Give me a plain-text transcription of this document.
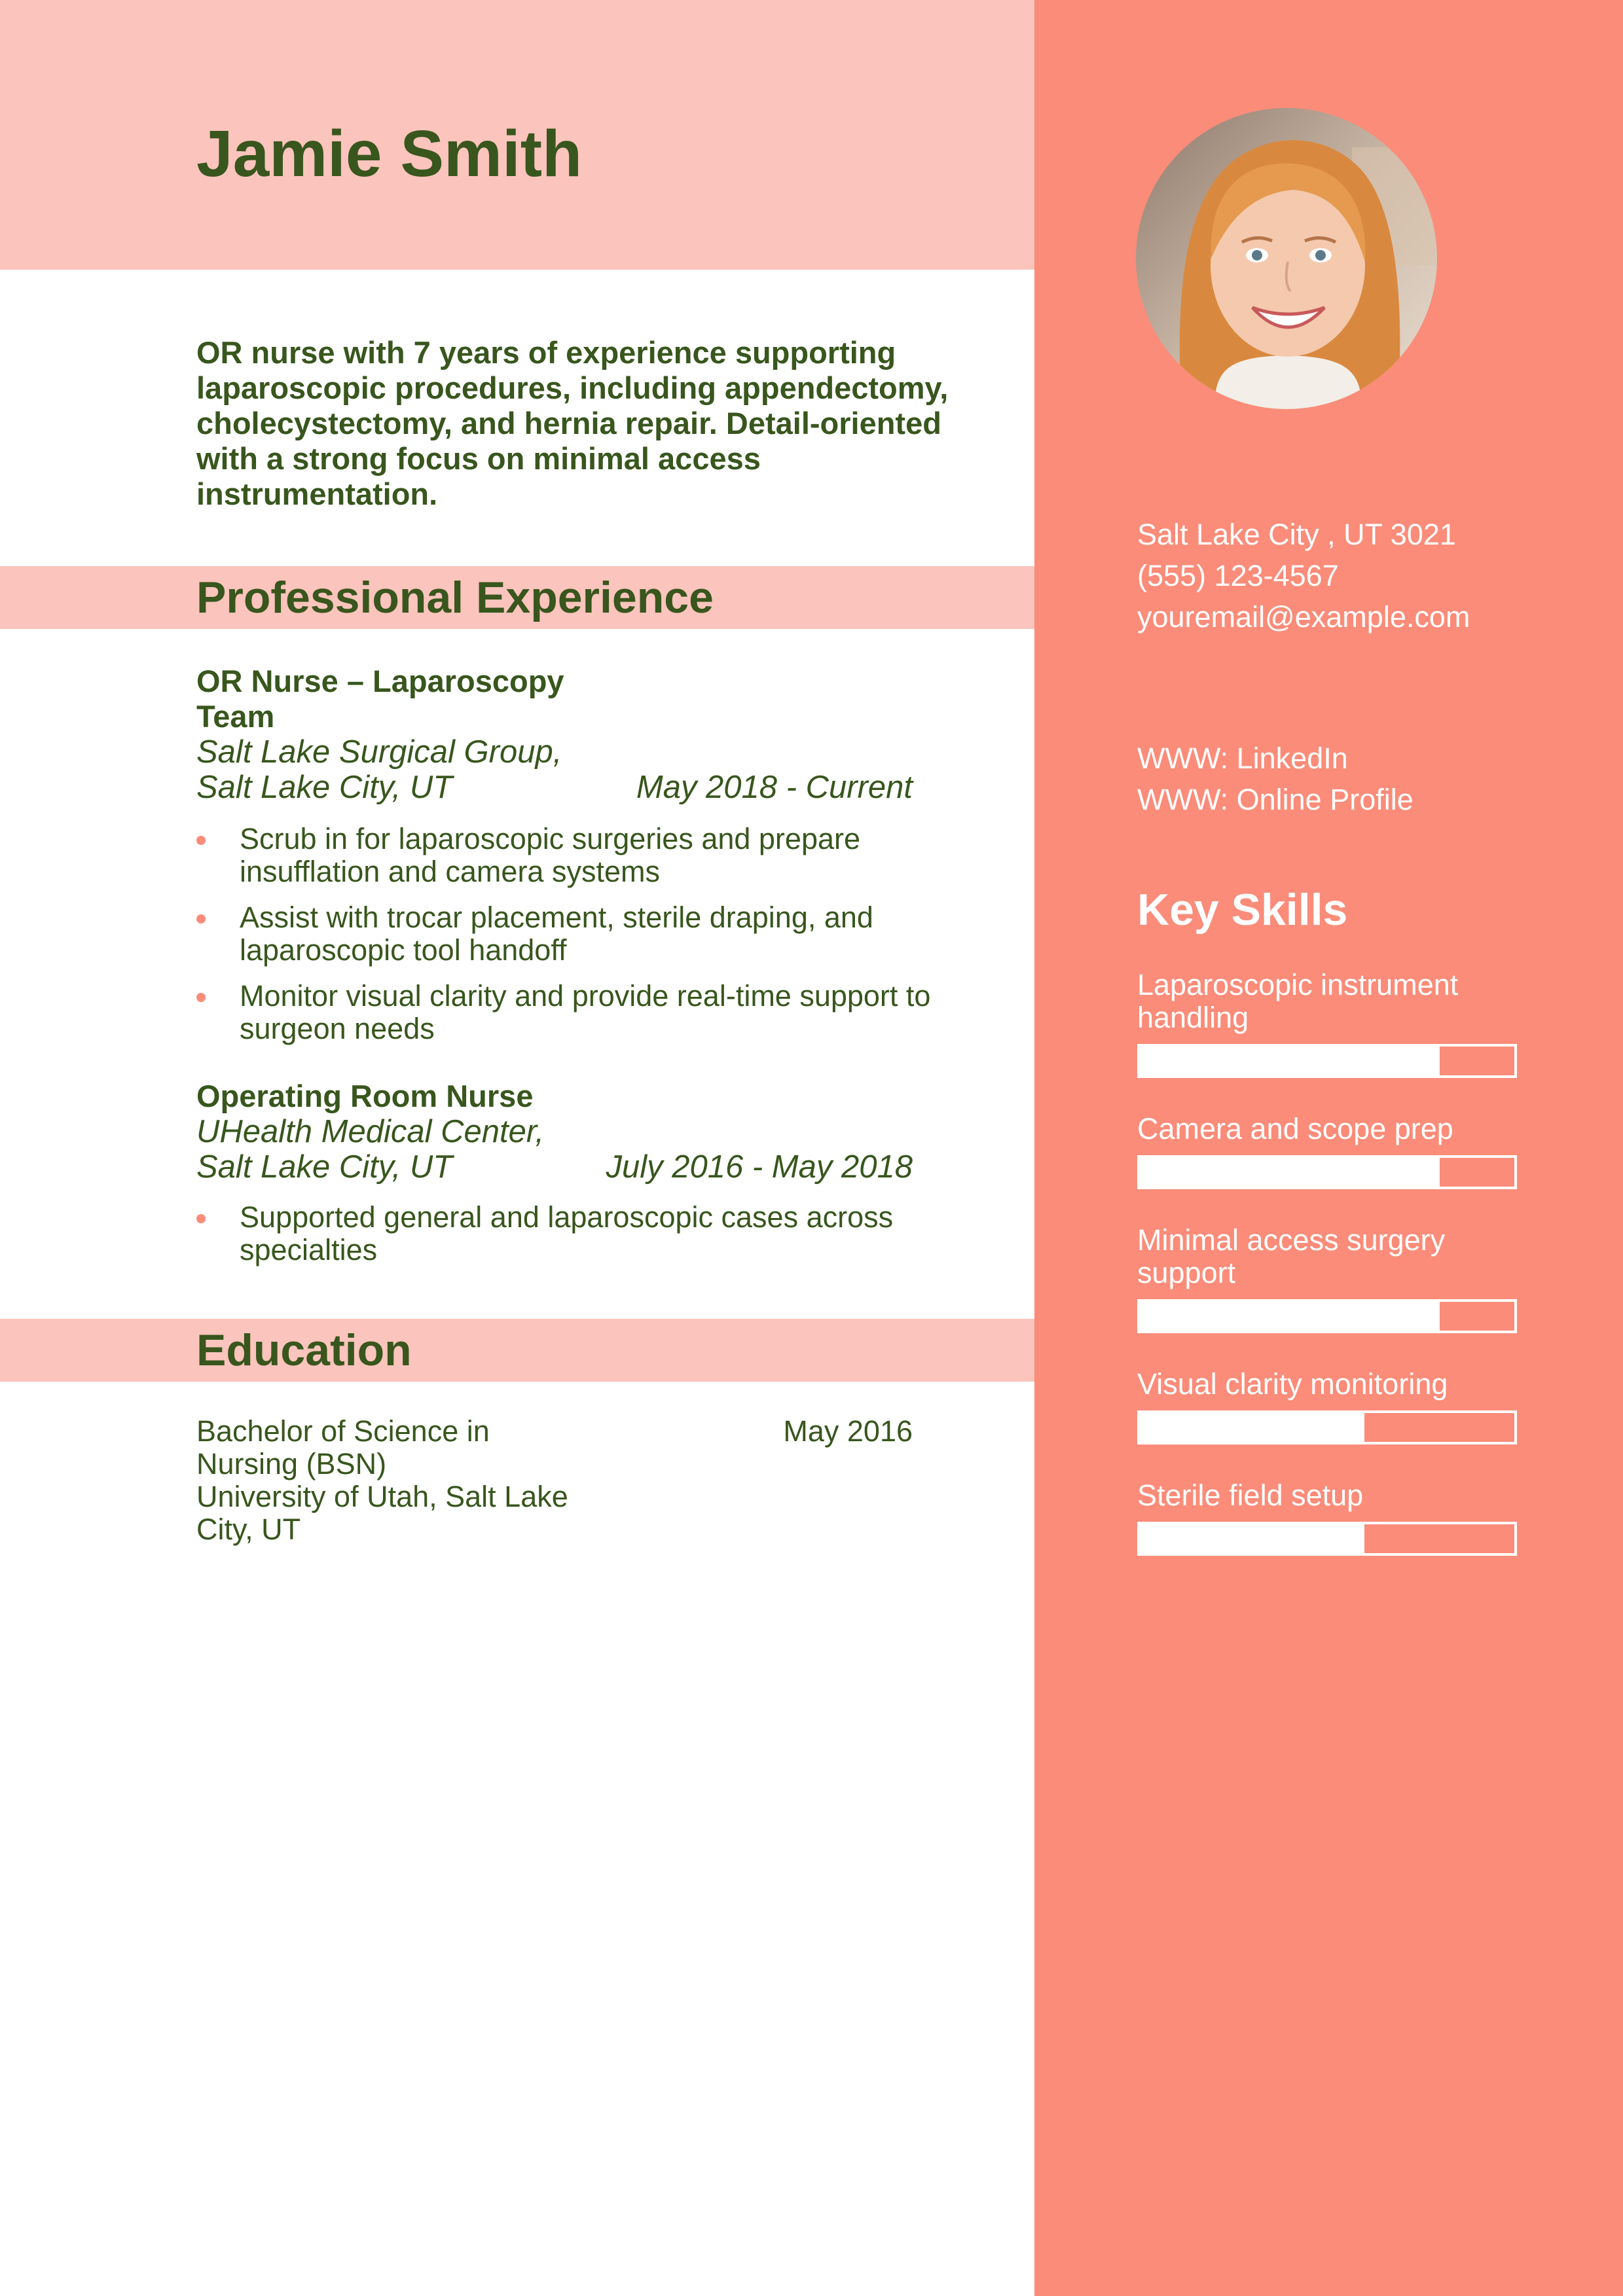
Jamie Smith

OR nurse with 7 years of experience supporting laparoscopic procedures, including appendectomy, cholecystectomy, and hernia repair. Detail-oriented with a strong focus on minimal access instrumentation.

Professional Experience
OR Nurse – Laparoscopy Team
Salt Lake Surgical Group,
Salt Lake City, UT	May 2018 - Current
Scrub in for laparoscopic surgeries and prepare insufflation and camera systems
Assist with trocar placement, sterile draping, and laparoscopic tool handoff
Monitor visual clarity and provide real-time support to surgeon needs
Operating Room Nurse
UHealth Medical Center,
Salt Lake City, UT	July 2016 - May 2018
Supported general and laparoscopic cases across specialties
Education
Bachelor of Science in Nursing (BSN)
University of Utah, Salt Lake City, UT
May 2016
Salt Lake City , UT 3021
(555) 123-4567
youremail@example.com
WWW: LinkedIn
WWW: Online Profile
Key Skills
Laparoscopic instrument handling
Camera and scope prep
Minimal access surgery support
Visual clarity monitoring
Sterile field setup
